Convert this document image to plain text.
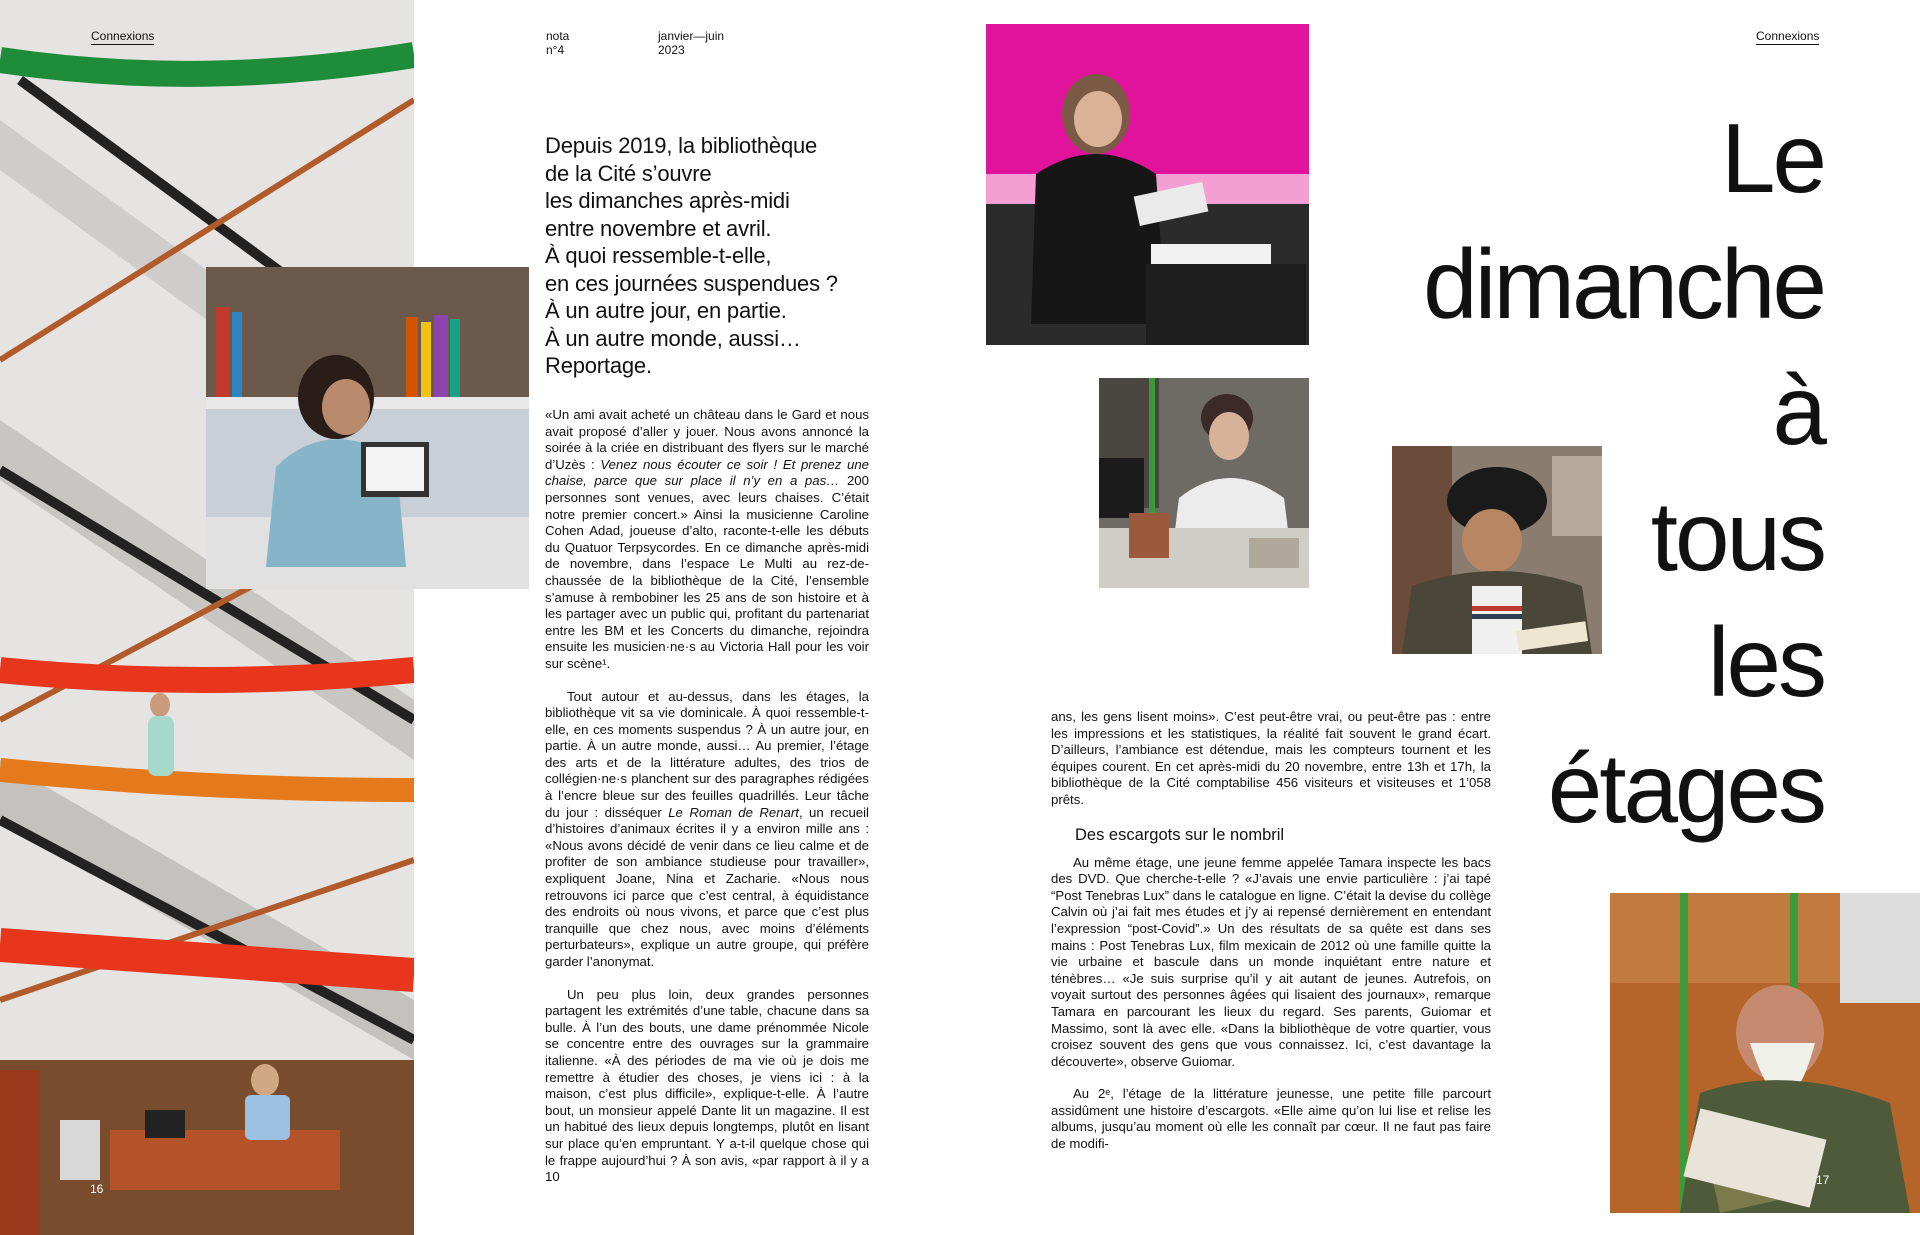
Connexions
16
nota
n°4
janvier—juin
2023
Depuis 2019, la bibliothèque
de la Cité s’ouvre
les dimanches après-midi
entre novembre et avril.
À quoi ressemble-t-elle,
en ces journées suspendues ?
À un autre jour, en partie.
À un autre monde, aussi…
Reportage.

«Un ami avait acheté un château dans le Gard et nous avait proposé d’aller y jouer. Nous avons annoncé la soirée à la criée en distribuant des flyers sur le marché d’Uzès : Venez nous écouter ce soir ! Et prenez une chaise, parce que sur place il n’y en a pas… 200 personnes sont venues, avec leurs chaises. C’était notre premier concert.» Ainsi la musicienne Caroline Cohen Adad, joueuse d’alto, raconte-t-elle les débuts du Quatuor Terpsycordes. En ce dimanche après-midi de novembre, dans l’espace Le Multi au rez-de-chaussée de la bibliothèque de la Cité, l’ensemble s’amuse à rembobiner les 25 ans de son histoire et à les partager avec un public qui, profitant du partenariat entre les BM et les Concerts du dimanche, rejoindra ensuite les musicien·ne·s au Victoria Hall pour les voir sur scène¹.

Tout autour et au-dessus, dans les étages, la bibliothèque vit sa vie dominicale. À quoi ressemble-t-elle, en ces moments suspendus ? À un autre jour, en partie. À un autre monde, aussi… Au premier, l’étage des arts et de la littérature adultes, des trios de collégien·ne·s planchent sur des paragraphes rédigées à l’encre bleue sur des feuilles quadrillés. Leur tâche du jour : disséquer Le Roman de Renart, un recueil d’histoires d’animaux écrites il y a environ mille ans : «Nous avons décidé de venir dans ce lieu calme et de profiter de son ambiance studieuse pour travailler», expliquent Joane, Nina et Zacharie. «Nous nous retrouvons ici parce que c’est central, à équidistance des endroits où nous vivons, et parce que c’est plus tranquille que chez nous, avec moins d’éléments perturbateurs», explique un autre groupe, qui préfère garder l’anonymat.

Un peu plus loin, deux grandes personnes partagent les extrémités d’une table, chacune dans sa bulle. À l’un des bouts, une dame prénommée Nicole se concentre entre des ouvrages sur la grammaire italienne. «À des périodes de ma vie où je dois me remettre à étudier des choses, je viens ici : à la maison, c’est plus difficile», explique-t-elle. À l’autre bout, un monsieur appelé Dante lit un magazine. Il est un habitué des lieux depuis longtemps, plutôt en lisant sur place qu’en empruntant. Y a-t-il quelque chose qui le frappe aujourd’hui ? À son avis, «par rapport à il y a 10

Connexions
Le
dimanche
à
tous
les
étages

ans, les gens lisent moins». C’est peut-être vrai, ou peut-être pas : entre les impressions et les statistiques, la réalité fait souvent le grand écart. D’ailleurs, l’ambiance est détendue, mais les compteurs tournent et les équipes courent. En cet après-midi du 20 novembre, entre 13h et 17h, la bibliothèque de la Cité comptabilise 456 visiteurs et visiteuses et 1’058 prêts.

Des escargots sur le nombril

Au même étage, une jeune femme appelée Tamara inspecte les bacs des DVD. Que cherche-t-elle ? «J’avais une envie particulière : j’ai tapé “Post Tenebras Lux” dans le catalogue en ligne. C’était la devise du collège Calvin où j’ai fait mes études et j’y ai repensé dernièrement en entendant l’expression “post-Covid”.» Un des résultats de sa quête est dans ses mains : Post Tenebras Lux, film mexicain de 2012 où une famille quitte la vie urbaine et bascule dans un monde inquiétant entre nature et ténèbres… «Je suis surprise qu’il y ait autant de jeunes. Autrefois, on voyait surtout des personnes âgées qui lisaient des journaux», remarque Tamara en parcourant les lieux du regard. Ses parents, Guiomar et Massimo, sont là avec elle. «Dans la bibliothèque de votre quartier, vous croisez souvent des gens que vous connaissez. Ici, c’est davantage la découverte», observe Guiomar.

Au 2ᵉ, l’étage de la littérature jeunesse, une petite fille parcourt assidûment une histoire d’escargots. «Elle aime qu’on lui lise et relise les albums, jusqu’au moment où elle les connaît par cœur. Il ne faut pas faire de modifi-

17
